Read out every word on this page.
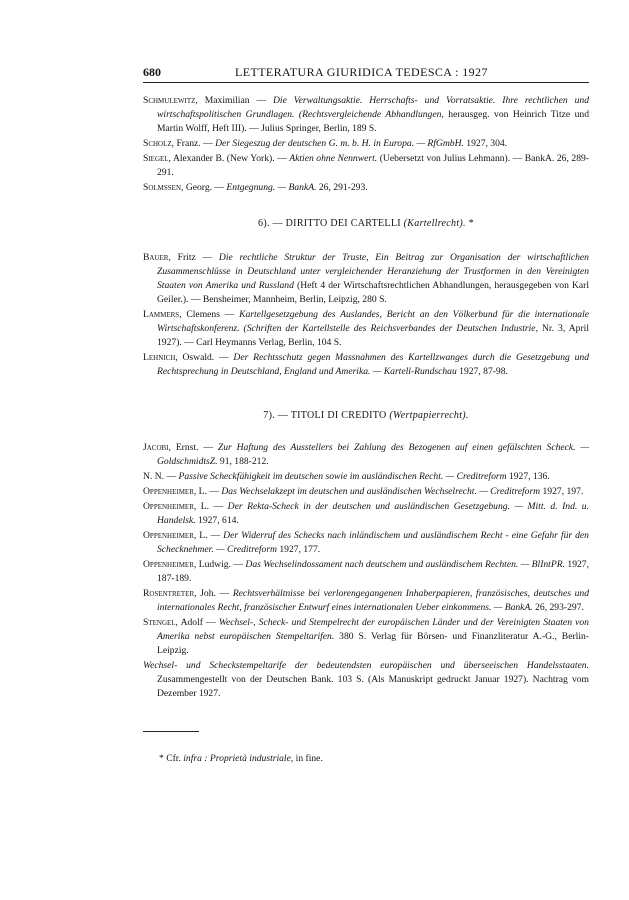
680	LETTERATURA GIURIDICA TEDESCA : 1927

Schmulewitz, Maximilian — Die Verwaltungsaktie. Herrschafts- und Vorratsaktie. Ihre rechtlichen und wirtschaftspolitischen Grundlagen. (Rechtsvergleichende Abhandlungen, herausgeg. von Heinrich Titze und Martin Wolff, Heft III). — Julius Springer, Berlin, 189 S.

Scholz, Franz. — Der Siegeszug der deutschen G. m. b. H. in Europa. — RfGmbH. 1927, 304.

Siegel, Alexander B. (New York). — Aktien ohne Nennwert. (Uebersetzt von Julius Lehmann). — BankA. 26, 289-291.

Solmssen, Georg. — Entgegnung. — BankA. 26, 291-293.

6). — DIRITTO DEI CARTELLI (Kartellrecht). *

Bauer, Fritz — Die rechtliche Struktur der Truste, Ein Beitrag zur Organisation der wirtschaftlichen Zusammenschlüsse in Deutschland unter vergleichender Heranziehung der Trustformen in den Vereinigten Staaten von Amerika und Russland (Heft 4 der Wirtschaftsrechtlichen Abhandlungen, herausgegeben von Karl Geiler.). — Bensheimer, Mannheim, Berlin, Leipzig, 280 S.

Lammers, Clemens — Kartellgesetzgebung des Auslandes, Bericht an den Völkerbund für die internationale Wirtschaftskonferenz. (Schriften der Kartellstelle des Reichsverbandes der Deutschen Industrie, Nr. 3, April 1927). — Carl Heymanns Verlag, Berlin, 104 S.

Lehnich, Oswald. — Der Rechtsschutz gegen Massnahmen des Kartellzwanges durch die Gesetzgebung und Rechtsprechung in Deutschland, England und Amerika. — Kartell-Rundschau 1927, 87-98.

7). — TITOLI DI CREDITO (Wertpapierrecht).

Jacobi, Ernst. — Zur Haftung des Ausstellers bei Zahlung des Bezogenen auf einen gefälschten Scheck. — GoldschmidtsZ. 91, 188-212.

N. N. — Passive Scheckfähigkeit im deutschen sowie im ausländischen Recht. — Creditreform 1927, 136.

Oppenheimer, L. — Das Wechselakzept im deutschen und ausländischen Wechselrecht. — Creditreform 1927, 197.

Oppenheimer, L. — Der Rekta-Scheck in der deutschen und ausländischen Gesetzgebung. — Mitt. d. Ind. u. Handelsk. 1927, 614.

Oppenheimer, L. — Der Widerruf des Schecks nach inländischem und ausländischem Recht - eine Gefahr für den Schecknehmer. — Creditreform 1927, 177.

Oppenheimer, Ludwig. — Das Wechselindossament nach deutschem und ausländischem Rechten. — BlIntPR. 1927, 187-189.

Rosentreter, Joh. — Rechtsverhältnisse bei verlorengegangenen Inhaberpapieren, französisches, deutsches und internationales Recht, französischer Entwurf eines internationalen Ueber einkommens. — BankA. 26, 293-297.

Stengel, Adolf — Wechsel-, Scheck- und Stempelrecht der europäischen Länder und der Vereinigten Staaten von Amerika nebst europäischen Stempeltarifen. 380 S. Verlag für Börsen- und Finanzliteratur A.-G., Berlin-Leipzig.

Wechsel- und Scheckstempeltarife der bedeutendsten europäischen und überseeischen Handelsstaaten. Zusammengestellt von der Deutschen Bank. 103 S. (Als Manuskript gedruckt Januar 1927). Nachtrag vom Dezember 1927.

* Cfr. infra : Proprietà industriale, in fine.
